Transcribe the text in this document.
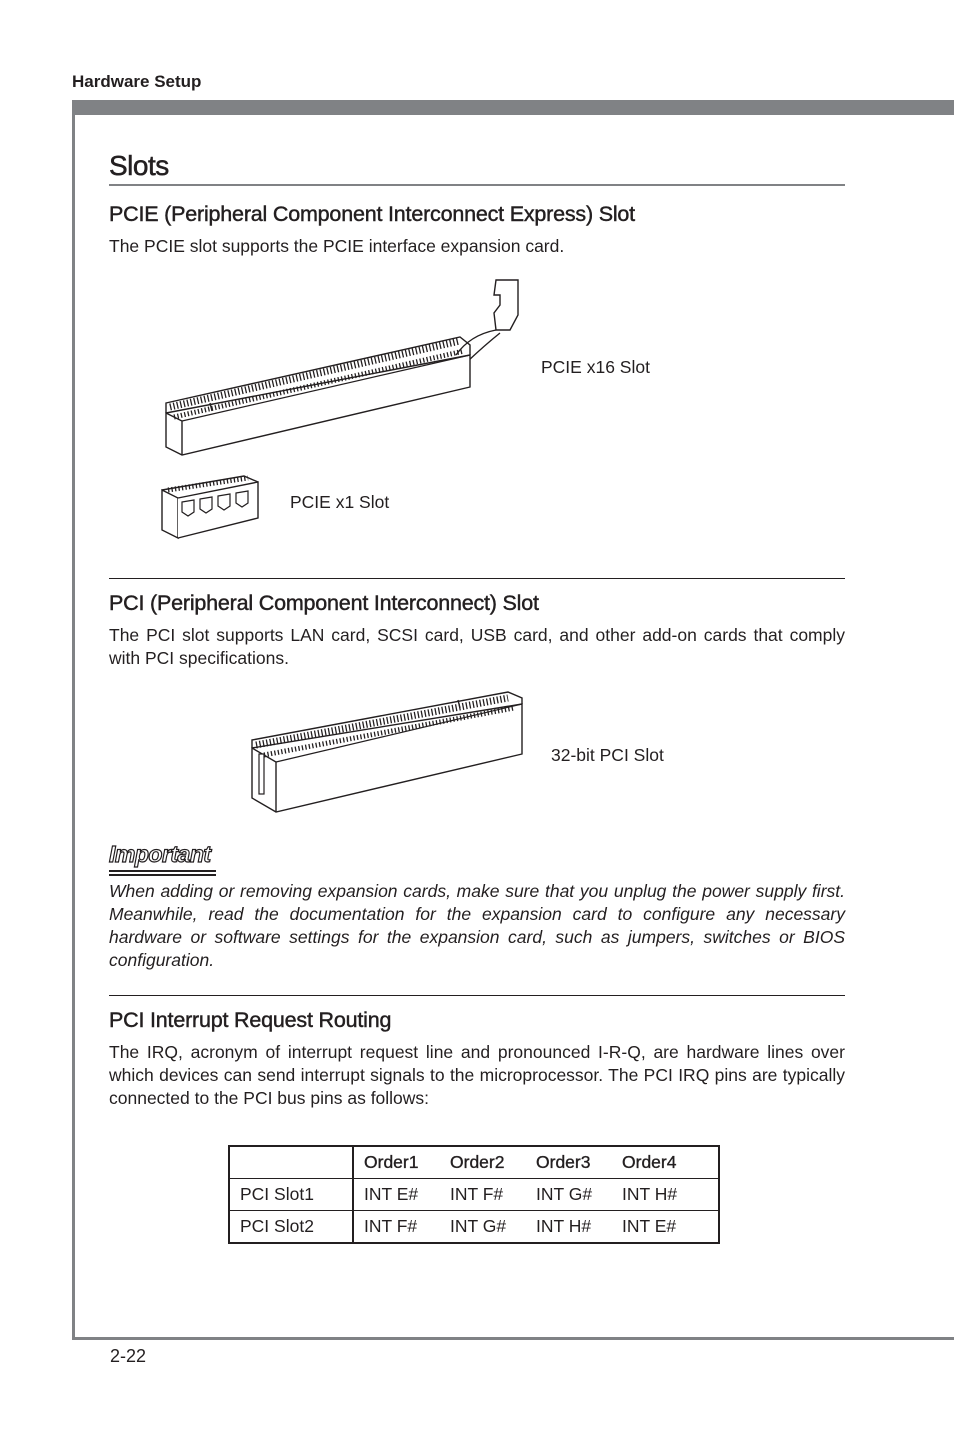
Hardware Setup
Slots
PCIE (Peripheral Component Interconnect Express) Slot
The PCIE slot supports the PCIE interface expansion card.
PCIE x16 Slot
PCIE x1 Slot
PCI (Peripheral Component Interconnect) Slot
The PCI slot supports LAN card, SCSI card, USB card, and other add-on cards that comply with PCI specifications.
32-bit PCI Slot
Important
When adding or removing expansion cards, make sure that you unplug the power supply first. Meanwhile, read the documentation for the expansion card to configure any necessary hardware or software settings for the expansion card, such as jumpers, switches or BIOS configuration.
PCI Interrupt Request Routing
The IRQ, acronym of interrupt request line and pronounced I-R-Q, are hardware lines over which devices can send interrupt signals to the microprocessor. The PCI IRQ pins are typically connected to the PCI bus pins as follows:
	Order1	Order2	Order3	Order4
PCI Slot1	INT E#	INT F#	INT G#	INT H#
PCI Slot2	INT F#	INT G#	INT H#	INT E#
2-22
